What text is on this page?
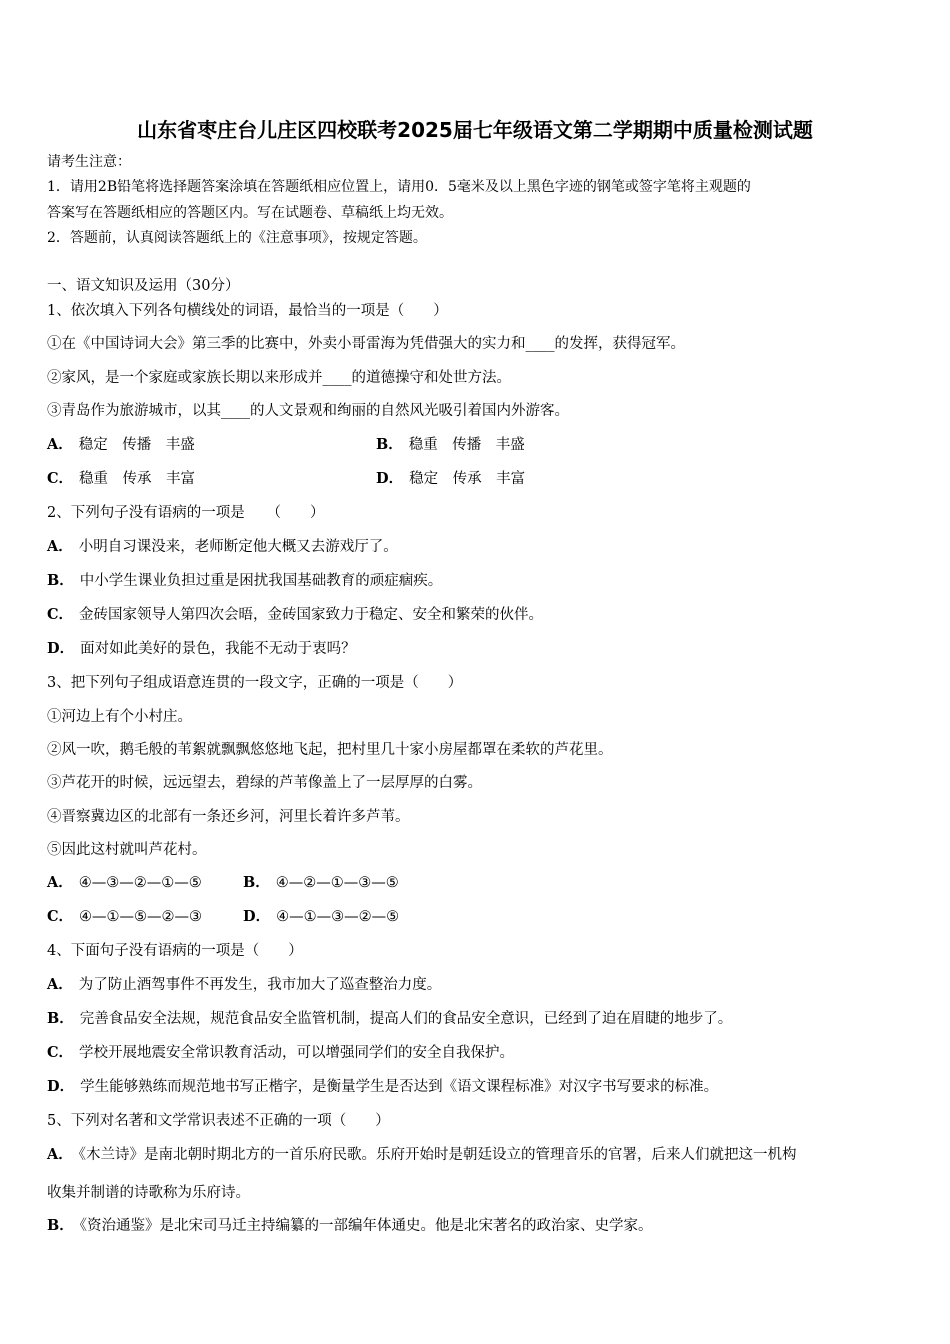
山东省枣庄台儿庄区四校联考2025届七年级语文第二学期期中质量检测试题
请考生注意：
1．请用2B铅笔将选择题答案涂填在答题纸相应位置上，请用0．5毫米及以上黑色字迹的钢笔或签字笔将主观题的
答案写在答题纸相应的答题区内。写在试题卷、草稿纸上均无效。
2．答题前，认真阅读答题纸上的《注意事项》，按规定答题。
一、语文知识及运用（30分）
1、依次填入下列各句横线处的词语，最恰当的一项是（　　）
①在《中国诗词大会》第三季的比赛中，外卖小哥雷海为凭借强大的实力和____的发挥，获得冠军。
②家风，是一个家庭或家族长期以来形成并____的道德操守和处世方法。
③青岛作为旅游城市，以其____的人文景观和绚丽的自然风光吸引着国内外游客。
A． 稳定　传播　丰盛	B． 稳重　传播　丰盛
C． 稳重　传承　丰富	D． 稳定　传承　丰富
2、下列句子没有语病的一项是　　（　　）
A． 小明自习课没来，老师断定他大概又去游戏厅了。
B． 中小学生课业负担过重是困扰我国基础教育的顽症痼疾。
C． 金砖国家领导人第四次会晤，金砖国家致力于稳定、安全和繁荣的伙伴。
D． 面对如此美好的景色，我能不无动于衷吗？
3、把下列句子组成语意连贯的一段文字，正确的一项是（　　）
①河边上有个小村庄。
②风一吹，鹅毛般的苇絮就飘飘悠悠地飞起，把村里几十家小房屋都罩在柔软的芦花里。
③芦花开的时候，远远望去，碧绿的芦苇像盖上了一层厚厚的白雾。
④晋察冀边区的北部有一条还乡河，河里长着许多芦苇。
⑤因此这村就叫芦花村。
A． ④—③—②—①—⑤	B． ④—②—①—③—⑤
C． ④—①—⑤—②—③	D． ④—①—③—②—⑤
4、下面句子没有语病的一项是（　　）
A． 为了防止酒驾事件不再发生，我市加大了巡查整治力度。
B． 完善食品安全法规，规范食品安全监管机制，提高人们的食品安全意识，已经到了迫在眉睫的地步了。
C． 学校开展地震安全常识教育活动，可以增强同学们的安全自我保护。
D． 学生能够熟练而规范地书写正楷字，是衡量学生是否达到《语文课程标准》对汉字书写要求的标准。
5、下列对名著和文学常识表述不正确的一项（　　）
A． 《木兰诗》是南北朝时期北方的一首乐府民歌。乐府开始时是朝廷设立的管理音乐的官署，后来人们就把这一机构
收集并制谱的诗歌称为乐府诗。
B． 《资治通鉴》是北宋司马迁主持编纂的一部编年体通史。他是北宋著名的政治家、史学家。
